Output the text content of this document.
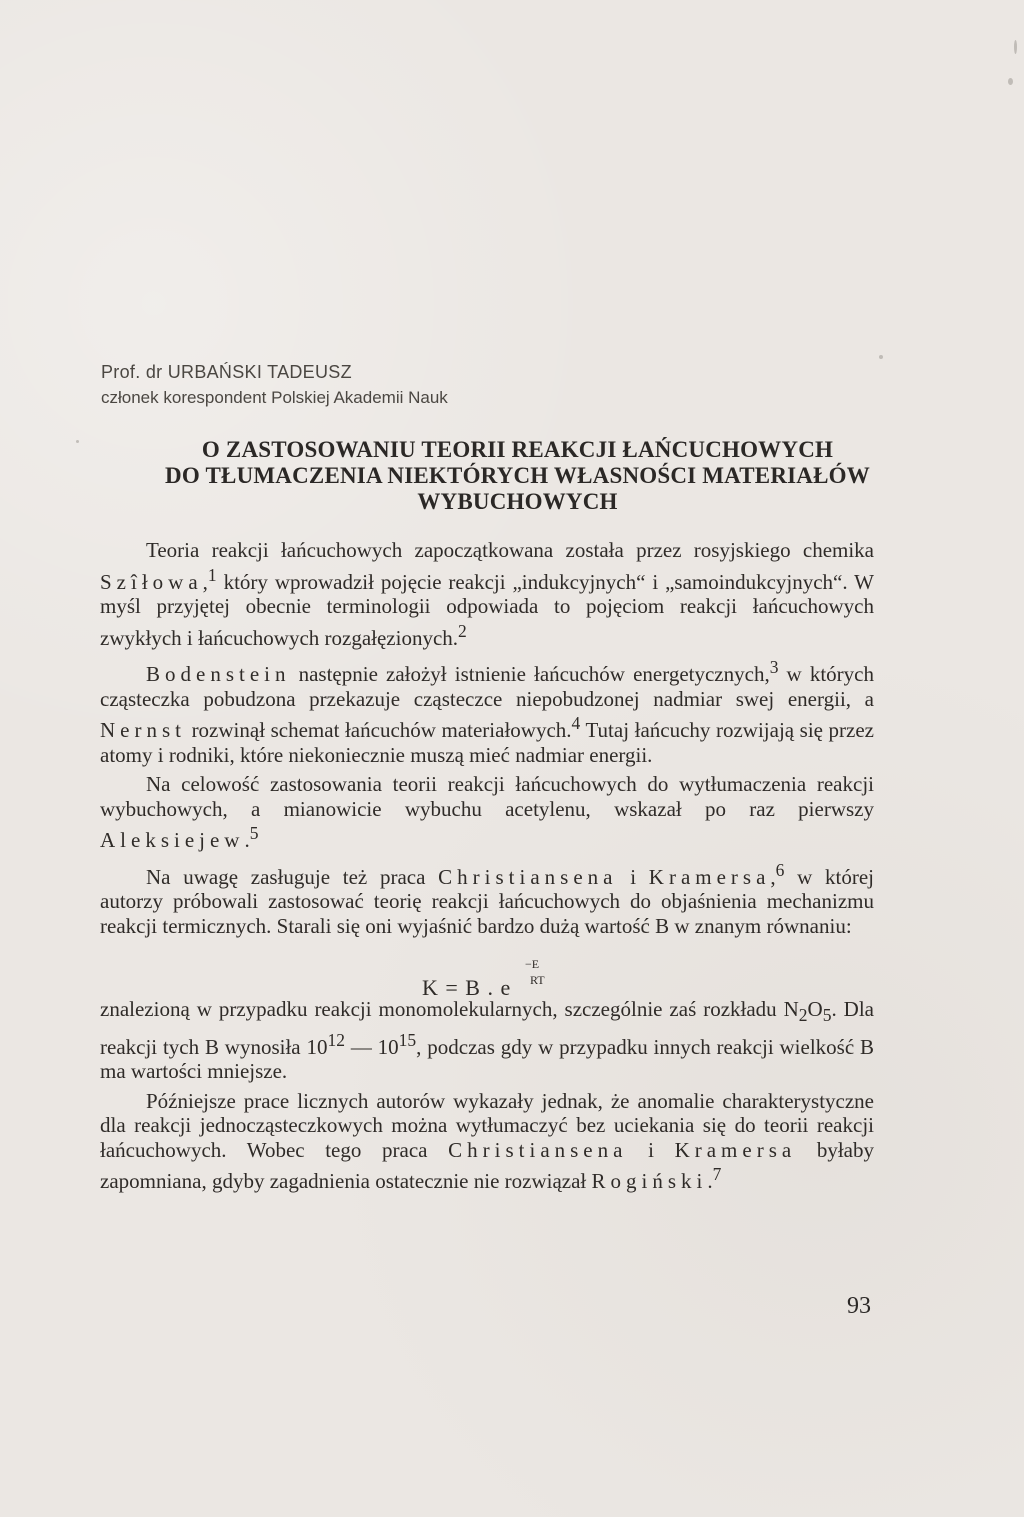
Prof. dr URBAŃSKI TADEUSZ
członek korespondent Polskiej Akademii Nauk
O ZASTOSOWANIU TEORII REAKCJI ŁAŃCUCHOWYCH
DO TŁUMACZENIA NIEKTÓRYCH WŁASNOŚCI MATERIAŁÓW
WYBUCHOWYCH

Teoria reakcji łańcuchowych zapoczątkowana została przez rosyjskiego chemika Szîłowa,$^1$ który wprowadził pojęcie reakcji „indukcyjnych“ i „samoindukcyjnych“. W myśl przyjętej obecnie terminologii odpowiada to pojęciom reakcji łańcuchowych zwykłych i łańcuchowych rozgałęzionych.$^2$

Bodenstein następnie założył istnienie łańcuchów energetycznych,$^3$ w których cząsteczka pobudzona przekazuje cząsteczce niepobudzonej nadmiar swej energii, a Nernst rozwinął schemat łańcuchów materiałowych.$^4$ Tutaj łańcuchy rozwijają się przez atomy i rodniki, które niekoniecznie muszą mieć nadmiar energii.

Na celowość zastosowania teorii reakcji łańcuchowych do wytłumaczenia reakcji wybuchowych, a mianowicie wybuchu acetylenu, wskazał po raz pierwszy Aleksiejew.$^5$

Na uwagę zasługuje też praca Christiansena i Kramersa,$^6$ w której autorzy próbowali zastosować teorię reakcji łańcuchowych do objaśnienia mechanizmu reakcji termicznych. Starali się oni wyjaśnić bardzo dużą wartość B w znanym równaniu:

−E
RT
K = B . e

znalezioną w przypadku reakcji monomolekularnych, szczególnie zaś rozkładu $N_2O_5$. Dla reakcji tych B wynosiła $10^{12}$ — $10^{15}$, podczas gdy w przypadku innych reakcji wielkość B ma wartości mniejsze.

Późniejsze prace licznych autorów wykazały jednak, że anomalie charakterystyczne dla reakcji jednocząsteczkowych można wytłumaczyć bez uciekania się do teorii reakcji łańcuchowych. Wobec tego praca Christiansena i Kramersa byłaby zapomniana, gdyby zagadnienia ostatecznie nie rozwiązał Rogiński.$^7$

93
